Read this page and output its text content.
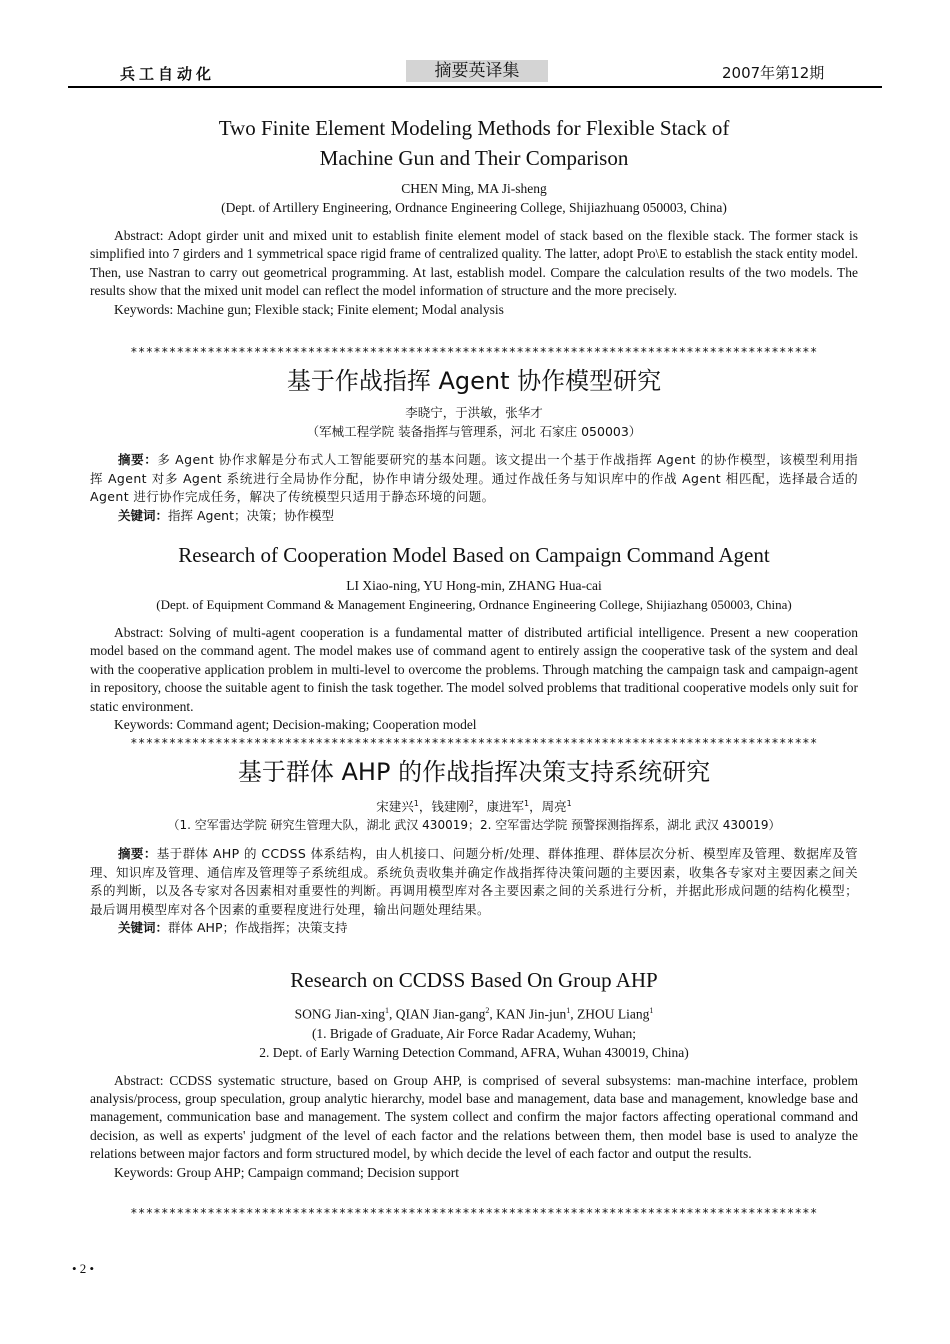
兵工自动化	摘要英译集	2007年第12期

Two Finite Element Modeling Methods for Flexible Stack of

Machine Gun and Their Comparison

CHEN Ming, MA Ji-sheng
(Dept. of Artillery Engineering, Ordnance Engineering College, Shijiazhuang 050003, China)
Abstract: Adopt girder unit and mixed unit to establish finite element model of stack based on the flexible stack. The former stack is simplified into 7 girders and 1 symmetrical space rigid frame of centralized quality. The latter, adopt Pro\E to establish the stack entity model. Then, use Nastran to carry out geometrical programming. At last, establish model. Compare the calculation results of the two models. The results show that the mixed unit model can reflect the model information of structure and the more precisely.
Keywords: Machine gun; Flexible stack; Finite element; Modal analysis
*****************************************************************************************

基于作战指挥 Agent 协作模型研究

李晓宁，于洪敏，张华才
（军械工程学院 装备指挥与管理系，河北 石家庄 050003）
摘要：多 Agent 协作求解是分布式人工智能要研究的基本问题。该文提出一个基于作战指挥 Agent 的协作模型，该模型利用指挥 Agent 对多 Agent 系统进行全局协作分配，协作申请分级处理。通过作战任务与知识库中的作战 Agent 相匹配，选择最合适的 Agent 进行协作完成任务，解决了传统模型只适用于静态环境的问题。
关键词：指挥 Agent；决策；协作模型

Research of Cooperation Model Based on Campaign Command Agent

LI Xiao-ning, YU Hong-min, ZHANG Hua-cai
(Dept. of Equipment Command & Management Engineering, Ordnance Engineering College, Shijiazhang 050003, China)
Abstract: Solving of multi-agent cooperation is a fundamental matter of distributed artificial intelligence. Present a new cooperation model based on the command agent. The model makes use of command agent to entirely assign the cooperative task of the system and deal with the cooperative application problem in multi-level to overcome the problems. Through matching the campaign task and campaign-agent in repository, choose the suitable agent to finish the task together. The model solved problems that traditional cooperative models only suit for static environment.
Keywords: Command agent; Decision-making; Cooperation model
*****************************************************************************************

基于群体 AHP 的作战指挥决策支持系统研究

宋建兴$^1$，钱建刚$^2$，康进军$^1$，周亮$^1$
（1. 空军雷达学院 研究生管理大队，湖北 武汉 430019；2. 空军雷达学院 预警探测指挥系，湖北 武汉 430019）
摘要：基于群体 AHP 的 CCDSS 体系结构，由人机接口、问题分析/处理、群体推理、群体层次分析、模型库及管理、数据库及管理、知识库及管理、通信库及管理等子系统组成。系统负责收集并确定作战指挥待决策问题的主要因素，收集各专家对主要因素之间关系的判断，以及各专家对各因素相对重要性的判断。再调用模型库对各主要因素之间的关系进行分析，并据此形成问题的结构化模型；最后调用模型库对各个因素的重要程度进行处理，输出问题处理结果。
关键词：群体 AHP；作战指挥；决策支持

Research on CCDSS Based On Group AHP

SONG Jian-xing$^1$, QIAN Jian-gang$^2$, KAN Jin-jun$^1$, ZHOU Liang$^1$
(1. Brigade of Graduate, Air Force Radar Academy, Wuhan;
2. Dept. of Early Warning Detection Command, AFRA, Wuhan 430019, China)
Abstract: CCDSS systematic structure, based on Group AHP, is comprised of several subsystems: man-machine interface, problem analysis/process, group speculation, group analytic hierarchy, model base and management, data base and management, knowledge base and management, communication base and management. The system collect and confirm the major factors affecting operational command and decision, as well as experts' judgment of the level of each factor and the relations between them, then model base is used to analyze the relations between major factors and form structured model, by which decide the level of each factor and output the results.
Keywords: Group AHP; Campaign command; Decision support
*****************************************************************************************
• 2 •
